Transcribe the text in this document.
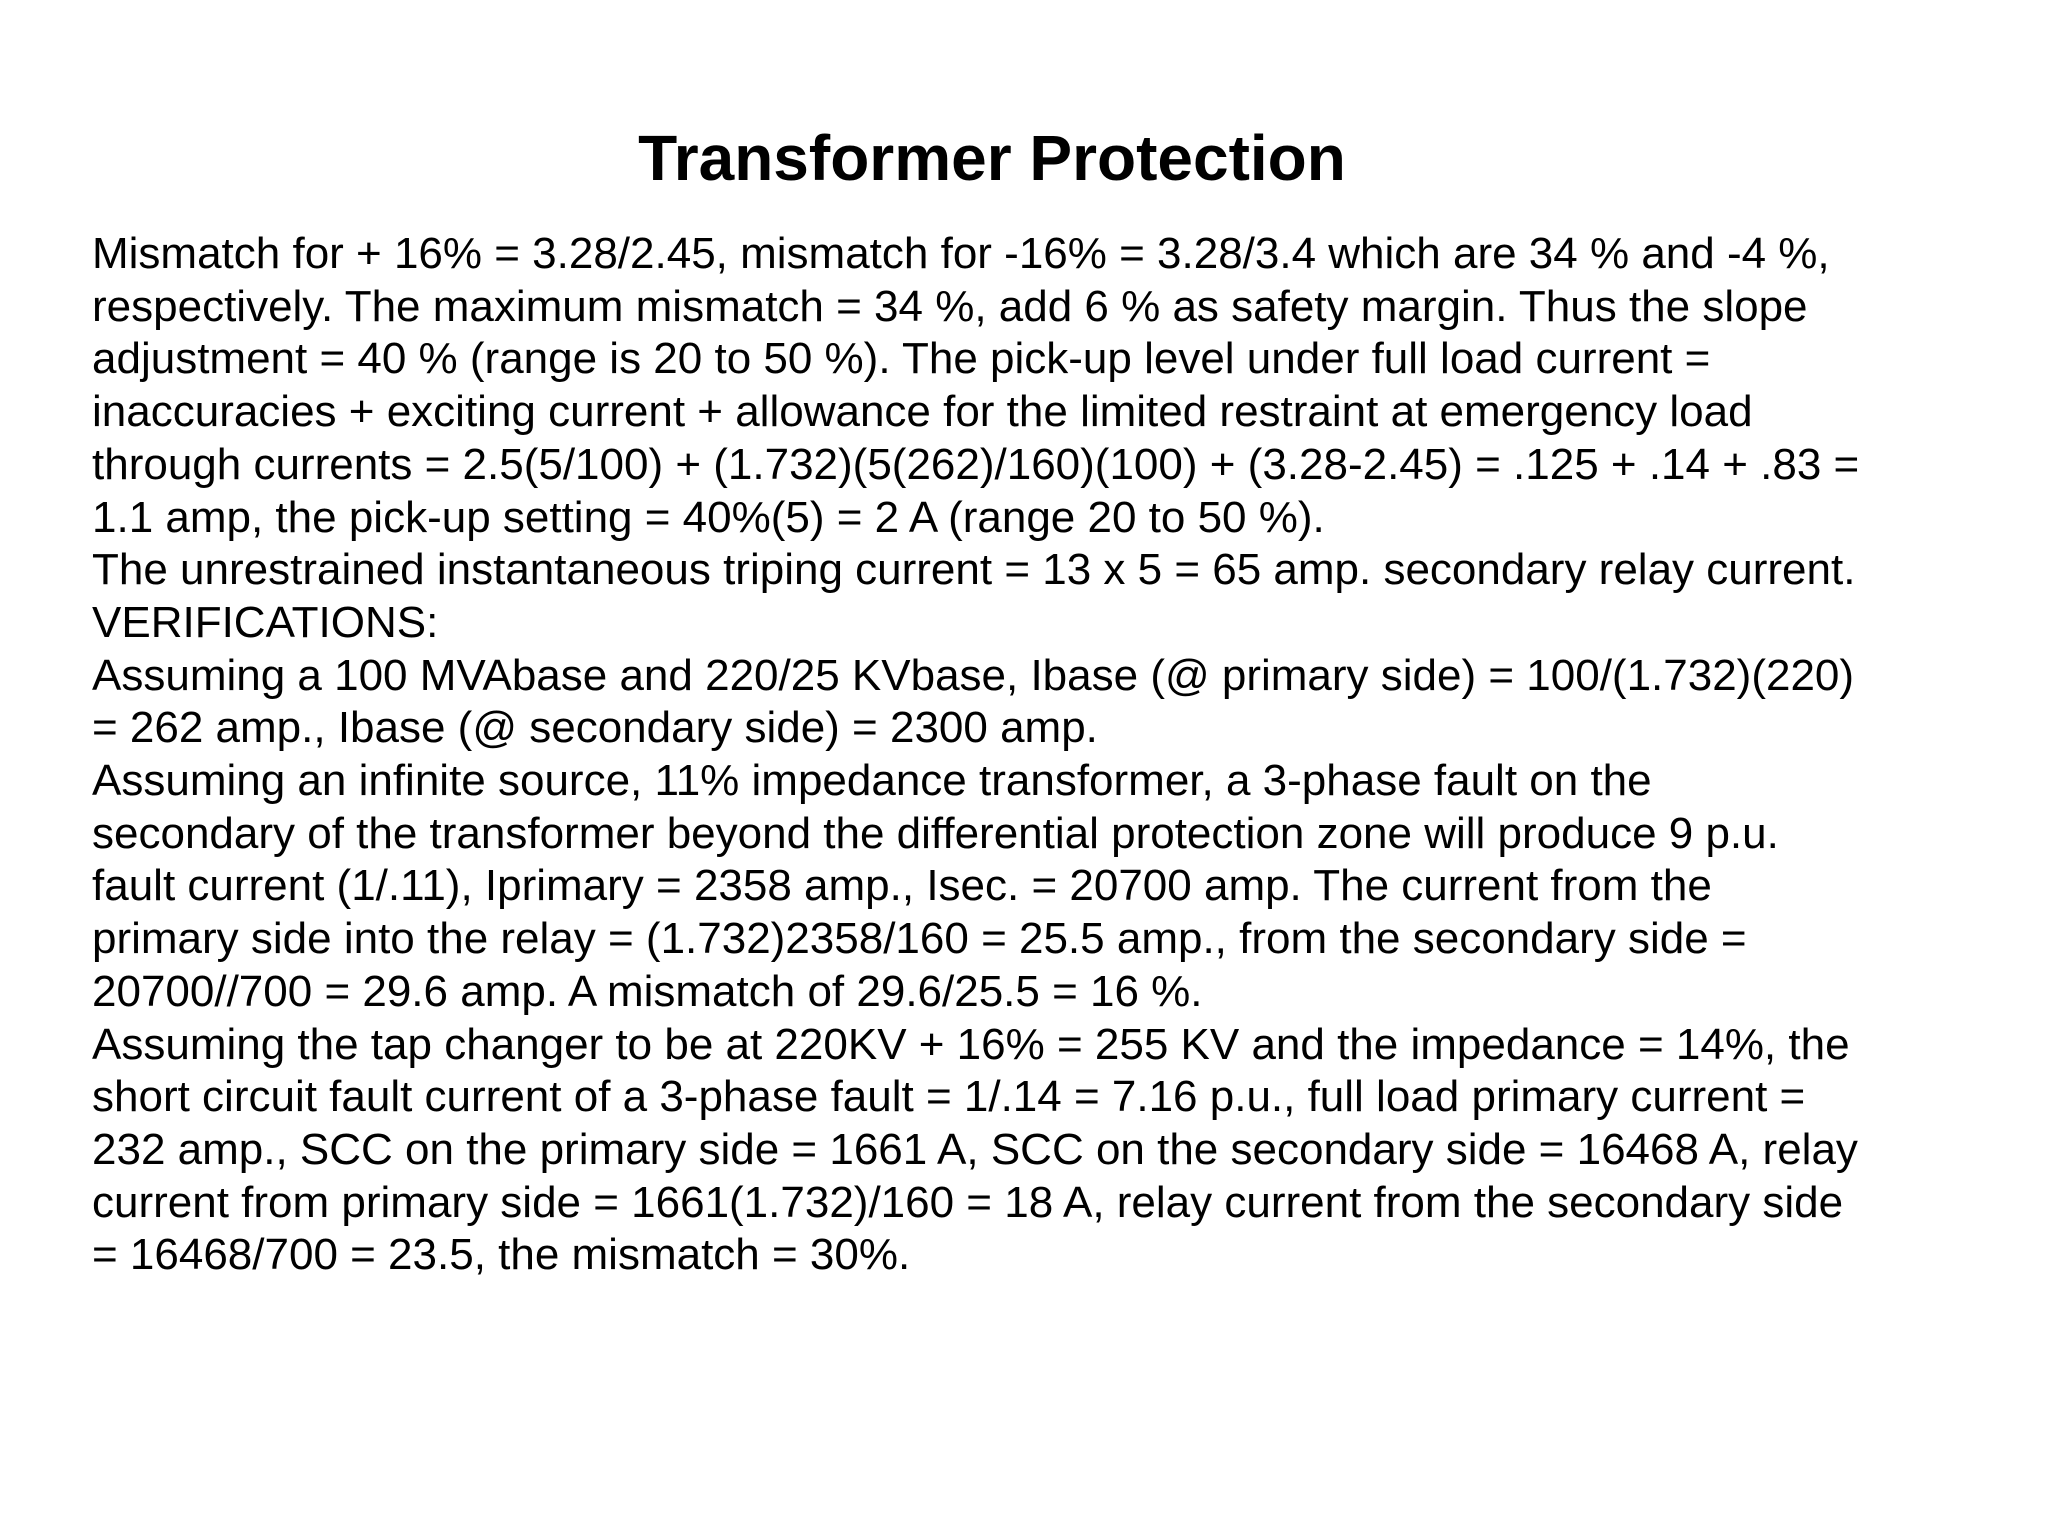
Transformer Protection
Mismatch for + 16% = 3.28/2.45, mismatch for -16% = 3.28/3.4 which are 34 % and -4 %,
respectively. The maximum mismatch = 34 %, add 6 % as safety margin. Thus the slope
adjustment = 40 % (range is 20 to 50 %). The pick-up level under full load current =
inaccuracies + exciting current + allowance for the limited restraint at emergency load
through currents = 2.5(5/100) + (1.732)(5(262)/160)(100) + (3.28-2.45) = .125 + .14 + .83 =
1.1 amp, the pick-up setting = 40%(5) = 2 A (range 20 to 50 %).
The unrestrained instantaneous triping current = 13 x 5 = 65 amp. secondary relay current.
VERIFICATIONS:
Assuming a 100 MVAbase and 220/25 KVbase, Ibase (@ primary side) = 100/(1.732)(220)
= 262 amp., Ibase (@ secondary side) = 2300 amp.
Assuming an infinite source, 11% impedance transformer, a 3-phase fault on the
secondary of the transformer beyond the differential protection zone will produce 9 p.u.
fault current (1/.11), Iprimary = 2358 amp., Isec. = 20700 amp. The current from the
primary side into the relay = (1.732)2358/160 = 25.5 amp., from the secondary side =
20700//700 = 29.6 amp. A mismatch of 29.6/25.5 = 16 %.
Assuming the tap changer to be at 220KV + 16% = 255 KV and the impedance = 14%, the
short circuit fault current of a 3-phase fault = 1/.14 = 7.16 p.u., full load primary current =
232 amp., SCC on the primary side = 1661 A, SCC on the secondary side = 16468 A, relay
current from primary side = 1661(1.732)/160 = 18 A, relay current from the secondary side
= 16468/700 = 23.5, the mismatch = 30%.
